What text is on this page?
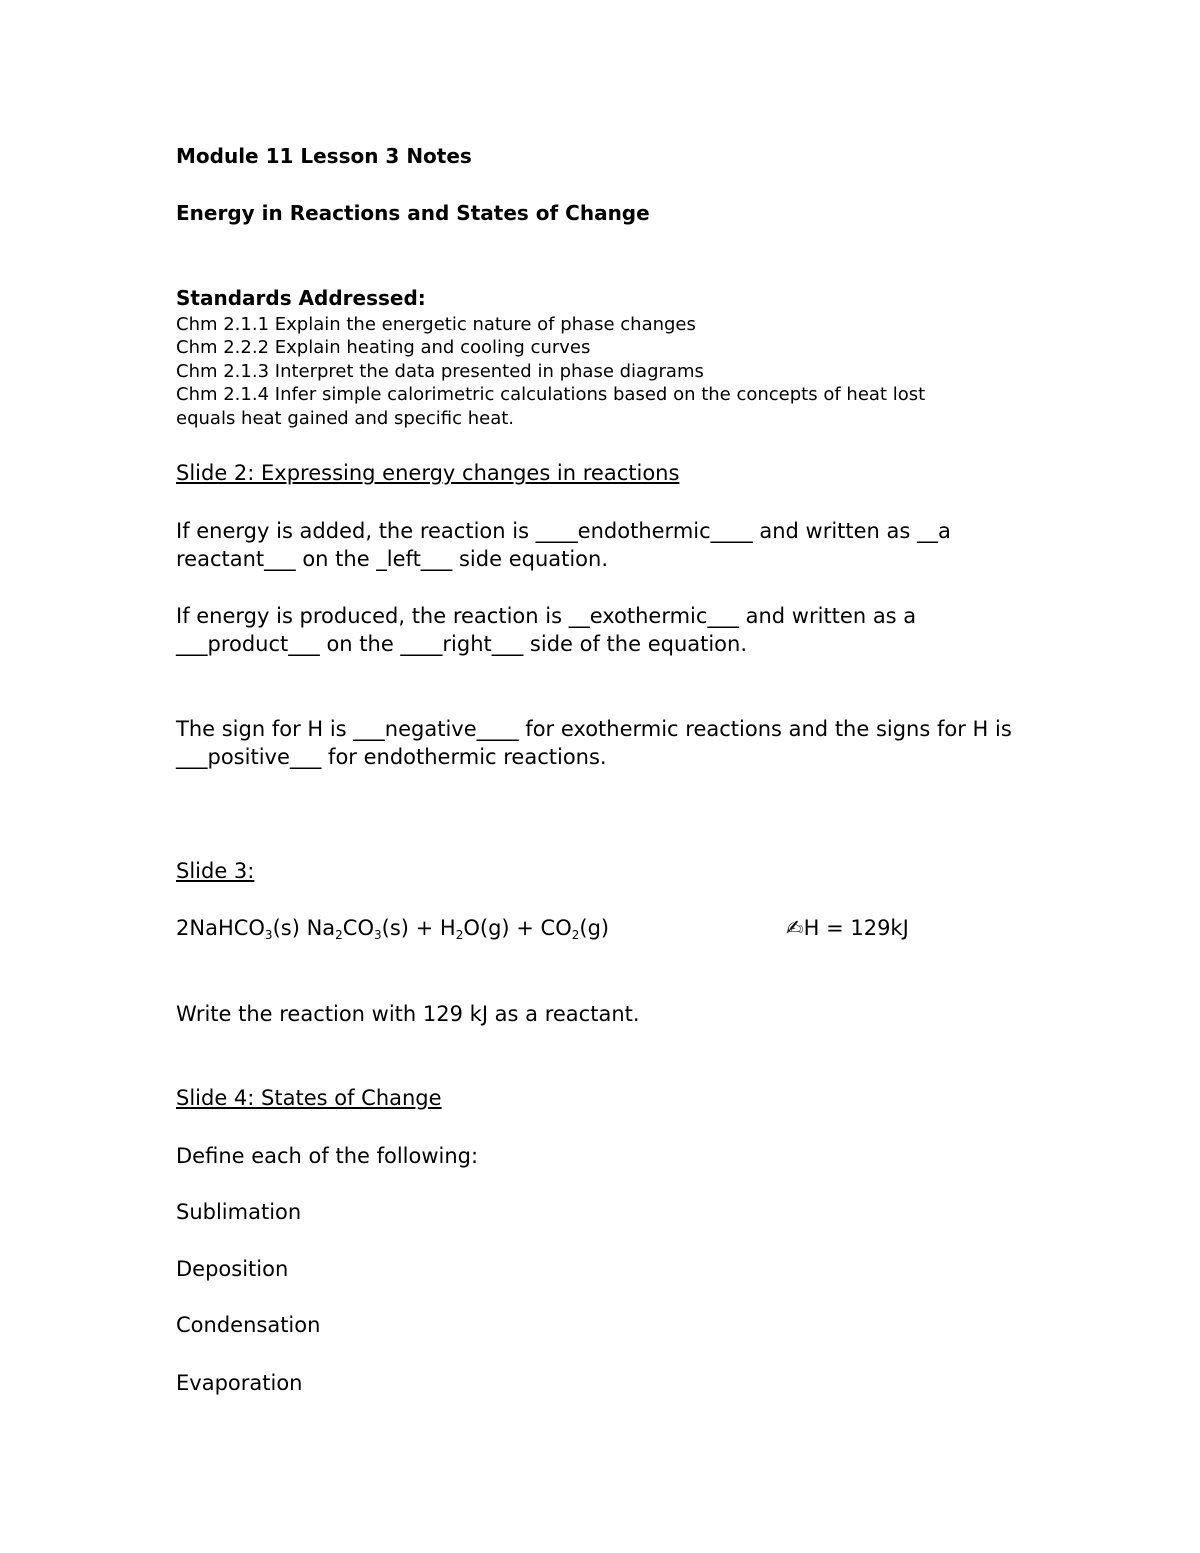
Module 11 Lesson 3 Notes
Energy in Reactions and States of Change
Standards Addressed:
Chm 2.1.1 Explain the energetic nature of phase changes
Chm 2.2.2 Explain heating and cooling curves
Chm 2.1.3 Interpret the data presented in phase diagrams
Chm 2.1.4 Infer simple calorimetric calculations based on the concepts of heat lost
equals heat gained and specific heat.
Slide 2: Expressing energy changes in reactions
If energy is added, the reaction is ____endothermic____ and written as __a
reactant___ on the _left___ side equation.
If energy is produced, the reaction is __exothermic___ and written as a
___product___ on the ____right___ side of the equation.
The sign for H is ___negative____ for exothermic reactions and the signs for H is
___positive___ for endothermic reactions.
Slide 3:
2NaHCO$_3$(s) $Na_2CO_3(s) + H_2O(g) + CO_2(g)$	✍H = 129kJ
Write the reaction with 129 kJ as a reactant.
Slide 4: States of Change
Define each of the following:
Sublimation
Deposition
Condensation
Evaporation
